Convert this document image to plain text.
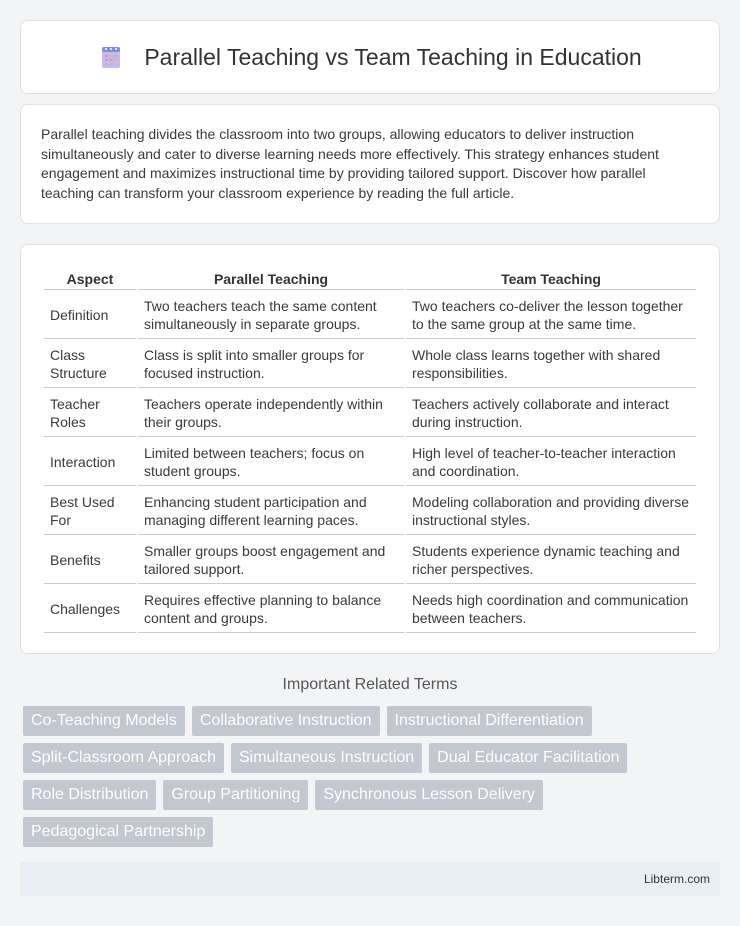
Parallel Teaching vs Team Teaching in Education

Parallel teaching divides the classroom into two groups, allowing educators to deliver instruction simultaneously and cater to diverse learning needs more effectively. This strategy enhances student engagement and maximizes instructional time by providing tailored support. Discover how parallel teaching can transform your classroom experience by reading the full article.

Aspect	Parallel Teaching	Team Teaching
Definition	Two teachers teach the same content simultaneously in separate groups.	Two teachers co-deliver the lesson together to the same group at the same time.
Class Structure	Class is split into smaller groups for focused instruction.	Whole class learns together with shared responsibilities.
Teacher Roles	Teachers operate independently within their groups.	Teachers actively collaborate and interact during instruction.
Interaction	Limited between teachers; focus on student groups.	High level of teacher-to-teacher interaction and coordination.
Best Used For	Enhancing student participation and managing different learning paces.	Modeling collaboration and providing diverse instructional styles.
Benefits	Smaller groups boost engagement and tailored support.	Students experience dynamic teaching and richer perspectives.
Challenges	Requires effective planning to balance content and groups.	Needs high coordination and communication between teachers.
Important Related Terms
Co-Teaching Models	Collaborative Instruction	Instructional Differentiation
Split-Classroom Approach	Simultaneous Instruction	Dual Educator Facilitation
Role Distribution	Group Partitioning	Synchronous Lesson Delivery
Pedagogical Partnership
Libterm.com
